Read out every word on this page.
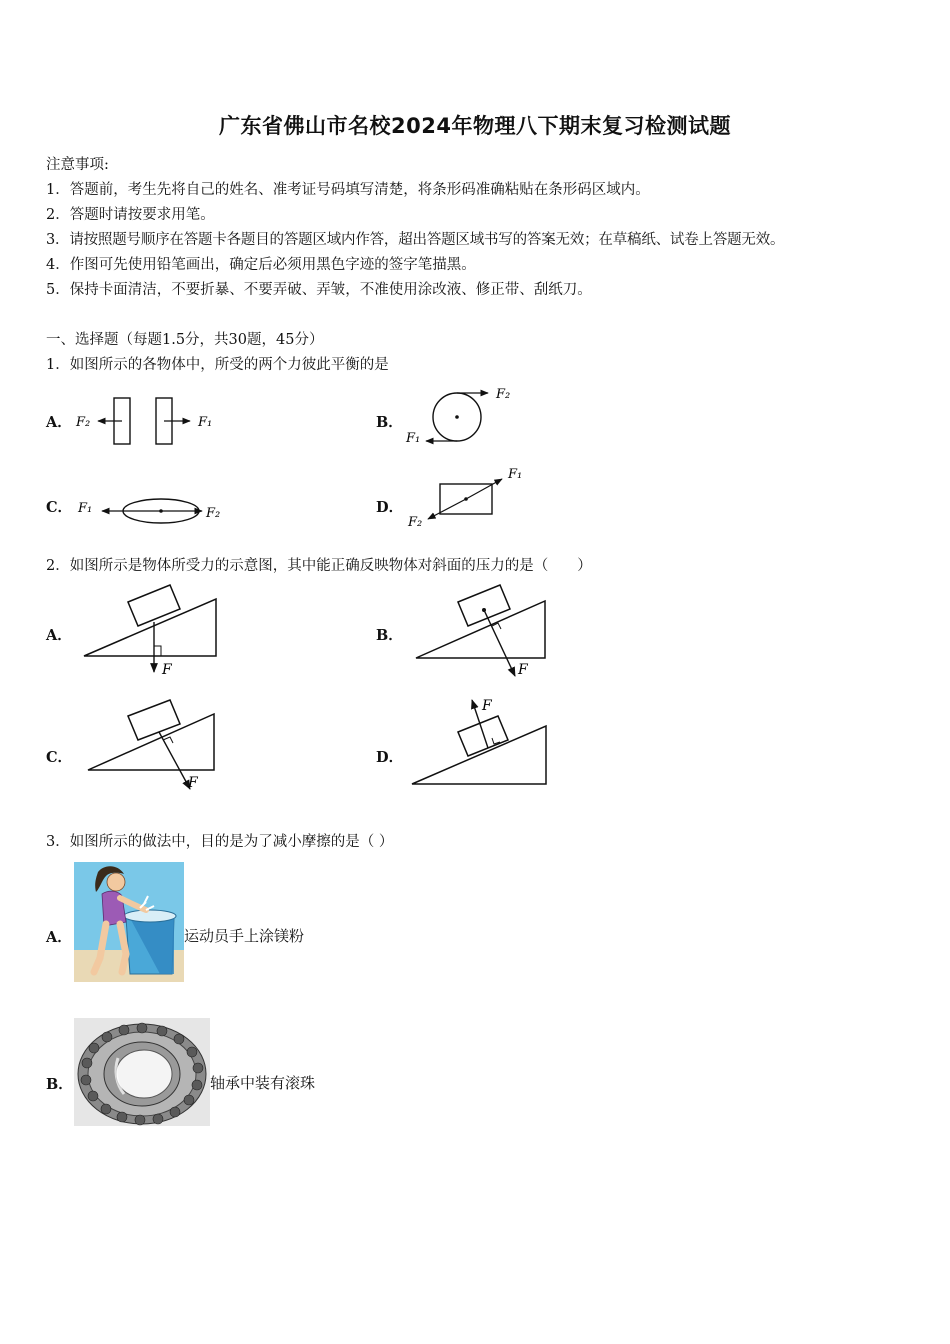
广东省佛山市名校2024年物理八下期末复习检测试题
注意事项:
1．答题前，考生先将自己的姓名、准考证号码填写清楚，将条形码准确粘贴在条形码区域内。
2．答题时请按要求用笔。
3．请按照题号顺序在答题卡各题目的答题区域内作答，超出答题区域书写的答案无效；在草稿纸、试卷上答题无效。
4．作图可先使用铅笔画出，确定后必须用黑色字迹的签字笔描黑。
5．保持卡面清洁，不要折暴、不要弄破、弄皱，不准使用涂改液、修正带、刮纸刀。
一、选择题（每题1.5分，共30题，45分）
1．如图所示的各物体中，所受的两个力彼此平衡的是
A． F₂	F₁	B．
F₂
F₁
C． F₁	F₂	D．
F₁
F₂
2．如图所示是物体所受力的示意图，其中能正确反映物体对斜面的压力的是（　　）
A．
F
B．
F
C．
F
D．
F
3．如图所示的做法中，目的是为了减小摩擦的是（ ）
A．	运动员手上涂镁粉
B．	轴承中装有滚珠
